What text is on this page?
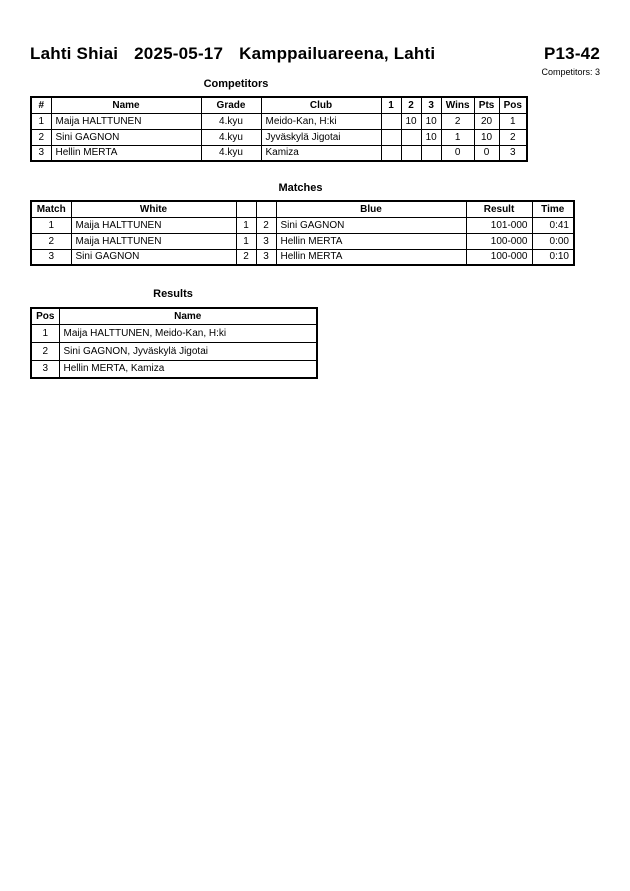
Lahti Shiai 2025-05-17 Kamppailuareena, Lahti	P13-42
Competitors: 3
Competitors
#	Name	Grade	Club	1	2	3	Wins	Pts	Pos
1	Maija HALTTUNEN	4.kyu	Meido-Kan, H:ki		10	10	2	20	1
2	Sini GAGNON	4.kyu	Jyväskylä Jigotai			10	1	10	2
3	Hellin MERTA	4.kyu	Kamiza				0	0	3
Matches
Match	White			Blue	Result	Time
1	Maija HALTTUNEN	1	2	Sini GAGNON	101-000	0:41
2	Maija HALTTUNEN	1	3	Hellin MERTA	100-000	0:00
3	Sini GAGNON	2	3	Hellin MERTA	100-000	0:10
Results
Pos	Name
1	Maija HALTTUNEN, Meido-Kan, H:ki
2	Sini GAGNON, Jyväskylä Jigotai
3	Hellin MERTA, Kamiza
